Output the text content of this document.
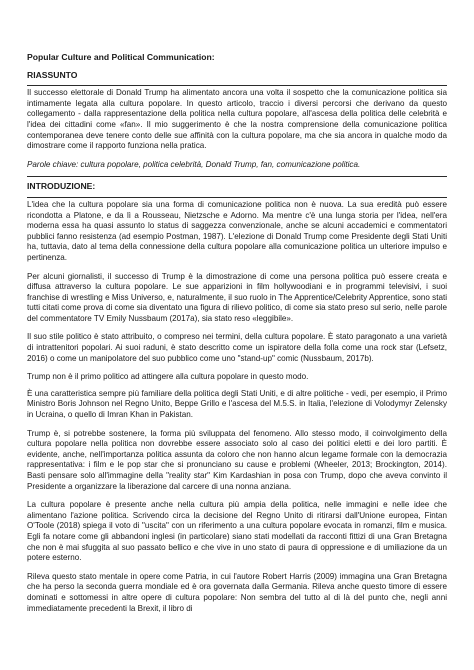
Popular Culture and Political Communication:
RIASSUNTO

Il successo elettorale di Donald Trump ha alimentato ancora una volta il sospetto che la comunicazione politica sia intimamente legata alla cultura popolare. In questo articolo, traccio i diversi percorsi che derivano da questo collegamento - dalla rappresentazione della politica nella cultura popolare, all'ascesa della politica delle celebrità e l'idea dei cittadini come «fan». Il mio suggerimento è che la nostra comprensione della comunicazione politica contemporanea deve tenere conto delle sue affinità con la cultura popolare, ma che sia ancora in qualche modo da dimostrare come il rapporto funziona nella pratica.

Parole chiave: cultura popolare, politica celebrità, Donald Trump, fan, comunicazione politica.

INTRODUZIONE:

L'idea che la cultura popolare sia una forma di comunicazione politica non è nuova. La sua eredità può essere ricondotta a Platone, e da lì a Rousseau, Nietzsche e Adorno. Ma mentre c'è una lunga storia per l'idea, nell'era moderna essa ha quasi assunto lo status di saggezza convenzionale, anche se alcuni accademici e commentatori pubblici fanno resistenza (ad esempio Postman, 1987). L'elezione di Donald Trump come Presidente degli Stati Uniti ha, tuttavia, dato al tema della connessione della cultura popolare alla comunicazione politica un ulteriore impulso e pertinenza.

Per alcuni giornalisti, il successo di Trump è la dimostrazione di come una persona politica può essere creata e diffusa attraverso la cultura popolare. Le sue apparizioni in film hollywoodiani e in programmi televisivi, i suoi franchise di wrestling e Miss Universo, e, naturalmente, il suo ruolo in The Apprentice/Celebrity Apprentice, sono stati tutti citati come prova di come sia diventato una figura di rilievo politico, di come sia stato preso sul serio, nelle parole del commentatore TV Emily Nussbaum (2017a), sia stato reso «leggibile».

Il suo stile politico è stato attribuito, o compreso nei termini, della cultura popolare. È stato paragonato a una varietà di intrattenitori popolari. Ai suoi raduni, è stato descritto come un ispiratore della folla come una rock star (Lefsetz, 2016) o come un manipolatore del suo pubblico come uno "stand-up" comic (Nussbaum, 2017b).

Trump non è il primo politico ad attingere alla cultura popolare in questo modo.

È una caratteristica sempre più familiare della politica degli Stati Uniti, e di altre politiche - vedi, per esempio, il Primo Ministro Boris Johnson nel Regno Unito, Beppe Grillo e l'ascesa del M.5.S. in Italia, l'elezione di Volodymyr Zelensky in Ucraina, o quello di Imran Khan in Pakistan.

Trump è, si potrebbe sostenere, la forma più sviluppata del fenomeno. Allo stesso modo, il coinvolgimento della cultura popolare nella politica non dovrebbe essere associato solo al caso dei politici eletti e dei loro partiti. È evidente, anche, nell'importanza politica assunta da coloro che non hanno alcun legame formale con la democrazia rappresentativa: i film e le pop star che si pronunciano su cause e problemi (Wheeler, 2013; Brockington, 2014). Basti pensare solo all'immagine della "reality star" Kim Kardashian in posa con Trump, dopo che aveva convinto il Presidente a organizzare la liberazione dal carcere di una nonna anziana.

La cultura popolare è presente anche nella cultura più ampia della politica, nelle immagini e nelle idee che alimentano l'azione politica. Scrivendo circa la decisione del Regno Unito di ritirarsi dall'Unione europea, Fintan O'Toole (2018) spiega il voto di "uscita" con un riferimento a una cultura popolare evocata in romanzi, film e musica. Egli fa notare come gli abbandoni inglesi (in particolare) siano stati modellati da racconti fittizi di una Gran Bretagna che non è mai sfuggita al suo passato bellico e che vive in uno stato di paura di oppressione e di umiliazione da un potere esterno.

Rileva questo stato mentale in opere come Patria, in cui l'autore Robert Harris (2009) immagina una Gran Bretagna che ha perso la seconda guerra mondiale ed è ora governata dalla Germania. Rileva anche questo timore di essere dominati e sottomessi in altre opere di cultura popolare: Non sembra del tutto al di là del punto che, negli anni immediatamente precedenti la Brexit, il libro di
